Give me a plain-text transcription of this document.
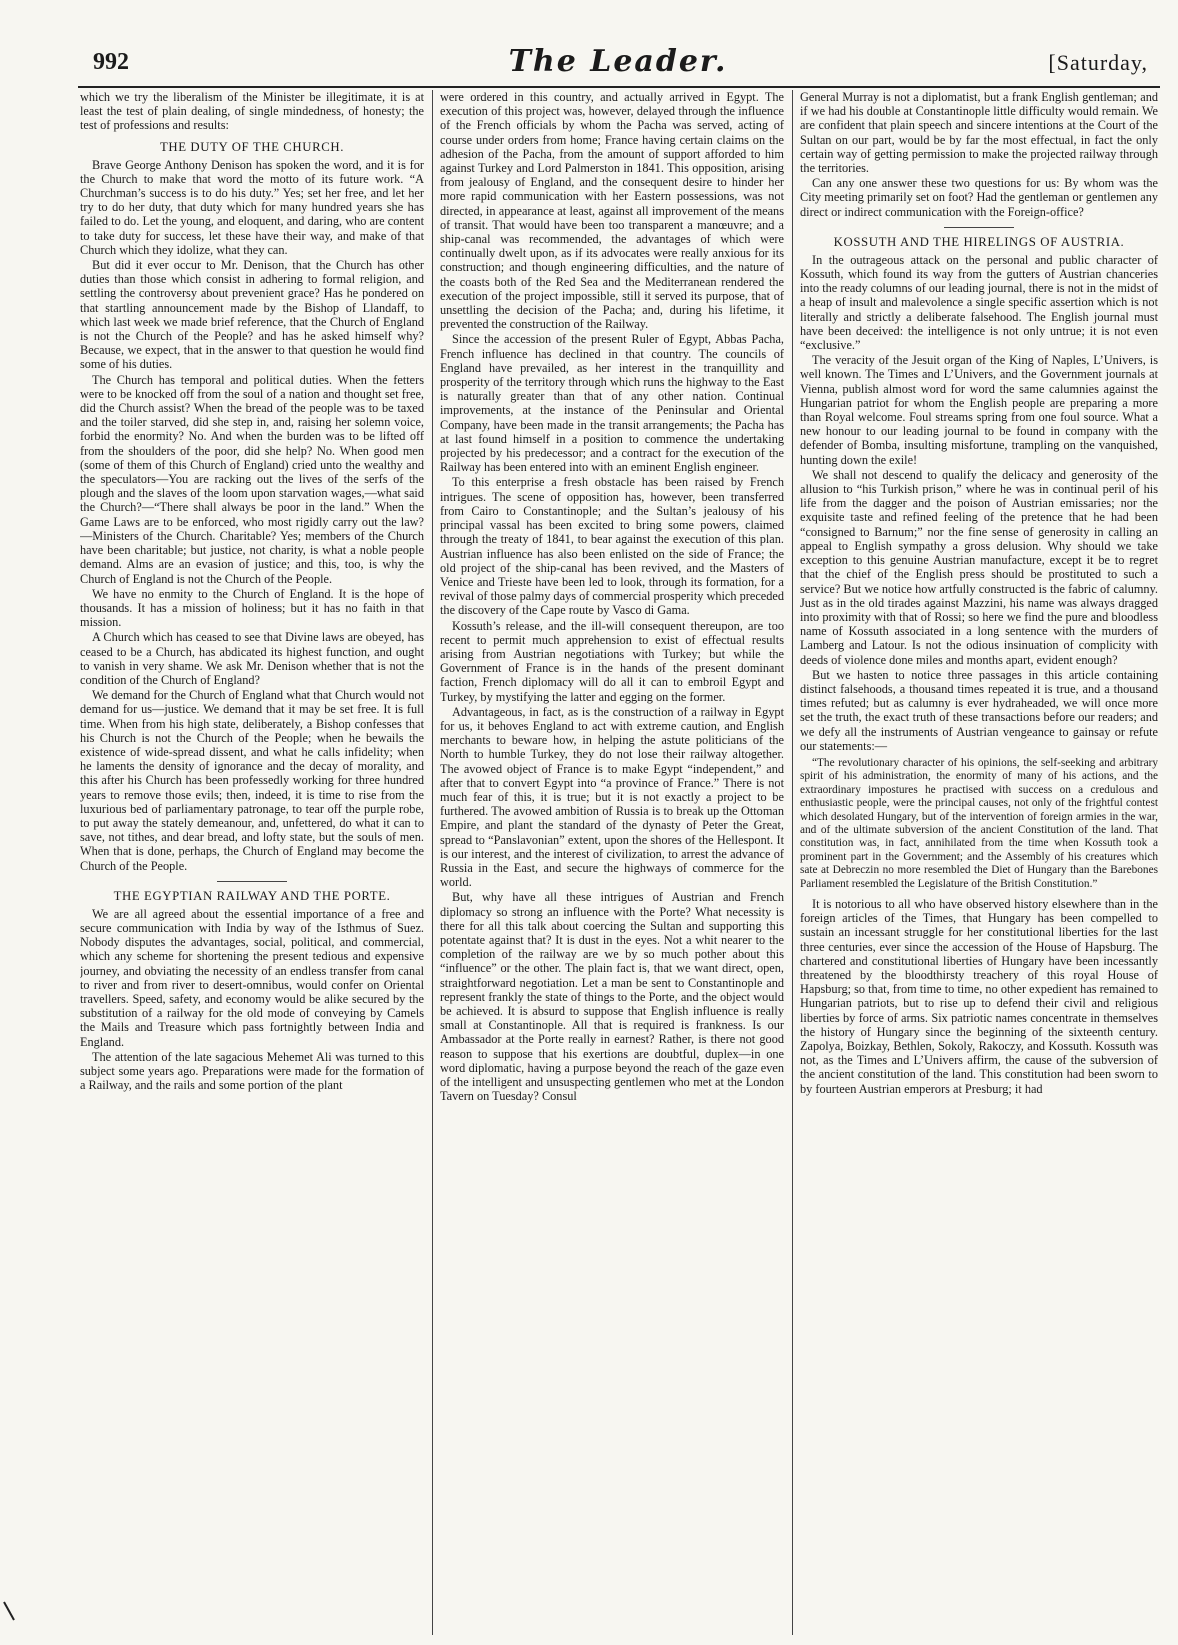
992	The Leader.	[Saturday,

which we try the liberalism of the Minister be illegitimate, it is at least the test of plain dealing, of single mindedness, of honesty; the test of professions and results:

THE DUTY OF THE CHURCH.

Brave George Anthony Denison has spoken the word, and it is for the Church to make that word the motto of its future work. “A Churchman’s success is to do his duty.” Yes; set her free, and let her try to do her duty, that duty which for many hundred years she has failed to do. Let the young, and eloquent, and daring, who are content to take duty for success, let these have their way, and make of that Church which they idolize, what they can.

But did it ever occur to Mr. Denison, that the Church has other duties than those which consist in adhering to formal religion, and settling the controversy about prevenient grace? Has he pondered on that startling announcement made by the Bishop of Llandaff, to which last week we made brief reference, that the Church of England is not the Church of the People? and has he asked himself why? Because, we expect, that in the answer to that question he would find some of his duties.

The Church has temporal and political duties. When the fetters were to be knocked off from the soul of a nation and thought set free, did the Church assist? When the bread of the people was to be taxed and the toiler starved, did she step in, and, raising her solemn voice, forbid the enormity? No. And when the burden was to be lifted off from the shoulders of the poor, did she help? No. When good men (some of them of this Church of England) cried unto the wealthy and the speculators—You are racking out the lives of the serfs of the plough and the slaves of the loom upon starvation wages,—what said the Church?—“There shall always be poor in the land.” When the Game Laws are to be enforced, who most rigidly carry out the law?—Ministers of the Church. Charitable? Yes; members of the Church have been charitable; but justice, not charity, is what a noble people demand. Alms are an evasion of justice; and this, too, is why the Church of England is not the Church of the People.

We have no enmity to the Church of England. It is the hope of thousands. It has a mission of holiness; but it has no faith in that mission.

A Church which has ceased to see that Divine laws are obeyed, has ceased to be a Church, has abdicated its highest function, and ought to vanish in very shame. We ask Mr. Denison whether that is not the condition of the Church of England?

We demand for the Church of England what that Church would not demand for us—justice. We demand that it may be set free. It is full time. When from his high state, deliberately, a Bishop confesses that his Church is not the Church of the People; when he bewails the existence of wide-spread dissent, and what he calls infidelity; when he laments the density of ignorance and the decay of morality, and this after his Church has been professedly working for three hundred years to remove those evils; then, indeed, it is time to rise from the luxurious bed of parliamentary patronage, to tear off the purple robe, to put away the stately demeanour, and, unfettered, do what it can to save, not tithes, and dear bread, and lofty state, but the souls of men. When that is done, perhaps, the Church of England may become the Church of the People.

THE EGYPTIAN RAILWAY AND THE PORTE.

We are all agreed about the essential importance of a free and secure communication with India by way of the Isthmus of Suez. Nobody disputes the advantages, social, political, and commercial, which any scheme for shortening the present tedious and expensive journey, and obviating the necessity of an endless transfer from canal to river and from river to desert-omnibus, would confer on Oriental travellers. Speed, safety, and economy would be alike secured by the substitution of a railway for the old mode of conveying by Camels the Mails and Treasure which pass fortnightly between India and England.

The attention of the late sagacious Mehemet Ali was turned to this subject some years ago. Preparations were made for the formation of a Railway, and the rails and some portion of the plant

were ordered in this country, and actually arrived in Egypt. The execution of this project was, however, delayed through the influence of the French officials by whom the Pacha was served, acting of course under orders from home; France having certain claims on the adhesion of the Pacha, from the amount of support afforded to him against Turkey and Lord Palmerston in 1841. This opposition, arising from jealousy of England, and the consequent desire to hinder her more rapid communication with her Eastern possessions, was not directed, in appearance at least, against all improvement of the means of transit. That would have been too transparent a manœuvre; and a ship-canal was recommended, the advantages of which were continually dwelt upon, as if its advocates were really anxious for its construction; and though engineering difficulties, and the nature of the coasts both of the Red Sea and the Mediterranean rendered the execution of the project impossible, still it served its purpose, that of unsettling the decision of the Pacha; and, during his lifetime, it prevented the construction of the Railway.

Since the accession of the present Ruler of Egypt, Abbas Pacha, French influence has declined in that country. The councils of England have prevailed, as her interest in the tranquillity and prosperity of the territory through which runs the highway to the East is naturally greater than that of any other nation. Continual improvements, at the instance of the Peninsular and Oriental Company, have been made in the transit arrangements; the Pacha has at last found himself in a position to commence the undertaking projected by his predecessor; and a contract for the execution of the Railway has been entered into with an eminent English engineer.

To this enterprise a fresh obstacle has been raised by French intrigues. The scene of opposition has, however, been transferred from Cairo to Constantinople; and the Sultan’s jealousy of his principal vassal has been excited to bring some powers, claimed through the treaty of 1841, to bear against the execution of this plan. Austrian influence has also been enlisted on the side of France; the old project of the ship-canal has been revived, and the Masters of Venice and Trieste have been led to look, through its formation, for a revival of those palmy days of commercial prosperity which preceded the discovery of the Cape route by Vasco di Gama.

Kossuth’s release, and the ill-will consequent thereupon, are too recent to permit much apprehension to exist of effectual results arising from Austrian negotiations with Turkey; but while the Government of France is in the hands of the present dominant faction, French diplomacy will do all it can to embroil Egypt and Turkey, by mystifying the latter and egging on the former.

Advantageous, in fact, as is the construction of a railway in Egypt for us, it behoves England to act with extreme caution, and English merchants to beware how, in helping the astute politicians of the North to humble Turkey, they do not lose their railway altogether. The avowed object of France is to make Egypt “independent,” and after that to convert Egypt into “a province of France.” There is not much fear of this, it is true; but it is not exactly a project to be furthered. The avowed ambition of Russia is to break up the Ottoman Empire, and plant the standard of the dynasty of Peter the Great, spread to “Panslavonian” extent, upon the shores of the Hellespont. It is our interest, and the interest of civilization, to arrest the advance of Russia in the East, and secure the highways of commerce for the world.

But, why have all these intrigues of Austrian and French diplomacy so strong an influence with the Porte? What necessity is there for all this talk about coercing the Sultan and supporting this potentate against that? It is dust in the eyes. Not a whit nearer to the completion of the railway are we by so much pother about this “influence” or the other. The plain fact is, that we want direct, open, straightforward negotiation. Let a man be sent to Constantinople and represent frankly the state of things to the Porte, and the object would be achieved. It is absurd to suppose that English influence is really small at Constantinople. All that is required is frankness. Is our Ambassador at the Porte really in earnest? Rather, is there not good reason to suppose that his exertions are doubtful, duplex—in one word diplomatic, having a purpose beyond the reach of the gaze even of the intelligent and unsuspecting gentlemen who met at the London Tavern on Tuesday? Consul

General Murray is not a diplomatist, but a frank English gentleman; and if we had his double at Constantinople little difficulty would remain. We are confident that plain speech and sincere intentions at the Court of the Sultan on our part, would be by far the most effectual, in fact the only certain way of getting permission to make the projected railway through the territories.

Can any one answer these two questions for us: By whom was the City meeting primarily set on foot? Had the gentleman or gentlemen any direct or indirect communication with the Foreign-office?

KOSSUTH AND THE HIRELINGS OF AUSTRIA.

In the outrageous attack on the personal and public character of Kossuth, which found its way from the gutters of Austrian chanceries into the ready columns of our leading journal, there is not in the midst of a heap of insult and malevolence a single specific assertion which is not literally and strictly a deliberate falsehood. The English journal must have been deceived: the intelligence is not only untrue; it is not even “exclusive.”

The veracity of the Jesuit organ of the King of Naples, L’Univers, is well known. The Times and L’Univers, and the Government journals at Vienna, publish almost word for word the same calumnies against the Hungarian patriot for whom the English people are preparing a more than Royal welcome. Foul streams spring from one foul source. What a new honour to our leading journal to be found in company with the defender of Bomba, insulting misfortune, trampling on the vanquished, hunting down the exile!

We shall not descend to qualify the delicacy and generosity of the allusion to “his Turkish prison,” where he was in continual peril of his life from the dagger and the poison of Austrian emissaries; nor the exquisite taste and refined feeling of the pretence that he had been “consigned to Barnum;” nor the fine sense of generosity in calling an appeal to English sympathy a gross delusion. Why should we take exception to this genuine Austrian manufacture, except it be to regret that the chief of the English press should be prostituted to such a service? But we notice how artfully constructed is the fabric of calumny. Just as in the old tirades against Mazzini, his name was always dragged into proximity with that of Rossi; so here we find the pure and bloodless name of Kossuth associated in a long sentence with the murders of Lamberg and Latour. Is not the odious insinuation of complicity with deeds of violence done miles and months apart, evident enough?

But we hasten to notice three passages in this article containing distinct falsehoods, a thousand times repeated it is true, and a thousand times refuted; but as calumny is ever hydraheaded, we will once more set the truth, the exact truth of these transactions before our readers; and we defy all the instruments of Austrian vengeance to gainsay or refute our statements:—

“The revolutionary character of his opinions, the self-seeking and arbitrary spirit of his administration, the enormity of many of his actions, and the extraordinary impostures he practised with success on a credulous and enthusiastic people, were the principal causes, not only of the frightful contest which desolated Hungary, but of the intervention of foreign armies in the war, and of the ultimate subversion of the ancient Constitution of the land. That constitution was, in fact, annihilated from the time when Kossuth took a prominent part in the Government; and the Assembly of his creatures which sate at Debreczin no more resembled the Diet of Hungary than the Barebones Parliament resembled the Legislature of the British Constitution.”

It is notorious to all who have observed history elsewhere than in the foreign articles of the Times, that Hungary has been compelled to sustain an incessant struggle for her constitutional liberties for the last three centuries, ever since the accession of the House of Hapsburg. The chartered and constitutional liberties of Hungary have been incessantly threatened by the bloodthirsty treachery of this royal House of Hapsburg; so that, from time to time, no other expedient has remained to Hungarian patriots, but to rise up to defend their civil and religious liberties by force of arms. Six patriotic names concentrate in themselves the history of Hungary since the beginning of the sixteenth century. Zapolya, Boizkay, Bethlen, Sokoly, Rakoczy, and Kossuth. Kossuth was not, as the Times and L’Univers affirm, the cause of the subversion of the ancient constitution of the land. This constitution had been sworn to by fourteen Austrian emperors at Presburg; it had
